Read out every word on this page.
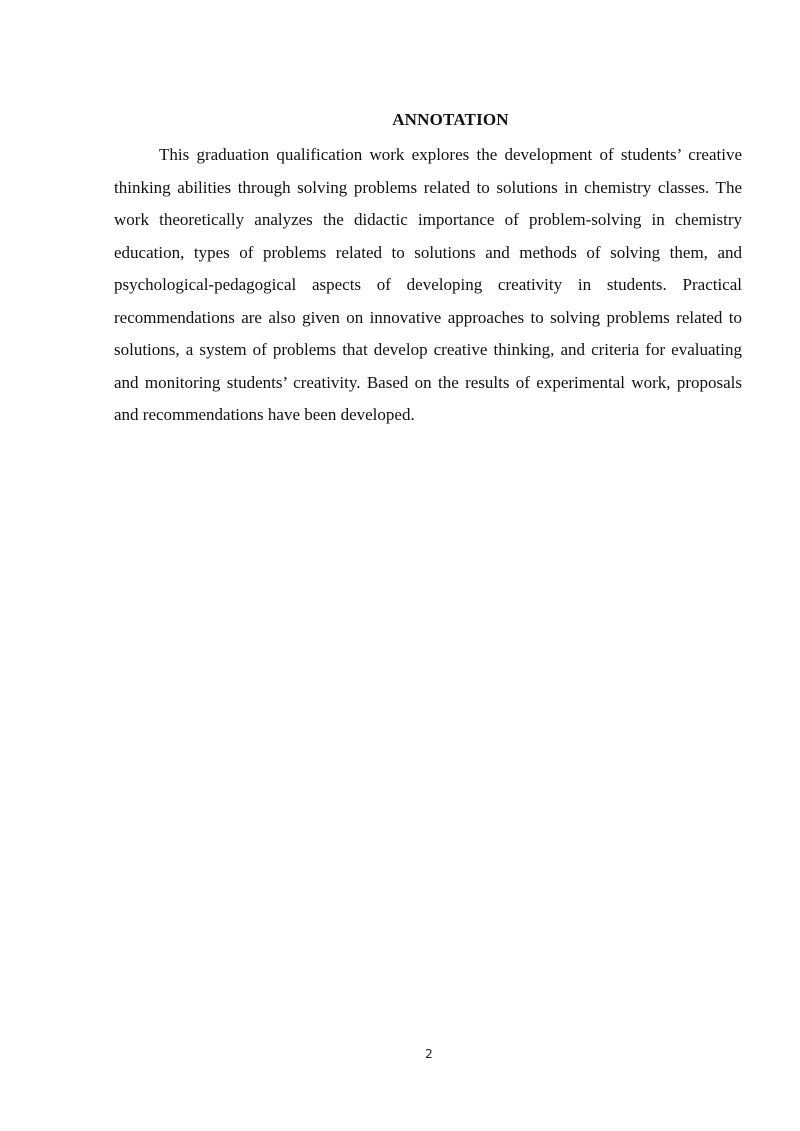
ANNOTATION

This graduation qualification work explores the development of students’ creative thinking abilities through solving problems related to solutions in chemistry classes. The work theoretically analyzes the didactic importance of problem-solving in chemistry education, types of problems related to solutions and methods of solving them, and psychological-pedagogical aspects of developing creativity in students. Practical recommendations are also given on innovative approaches to solving problems related to solutions, a system of problems that develop creative thinking, and criteria for evaluating and monitoring students’ creativity. Based on the results of experimental work, proposals and recommendations have been developed.

2
